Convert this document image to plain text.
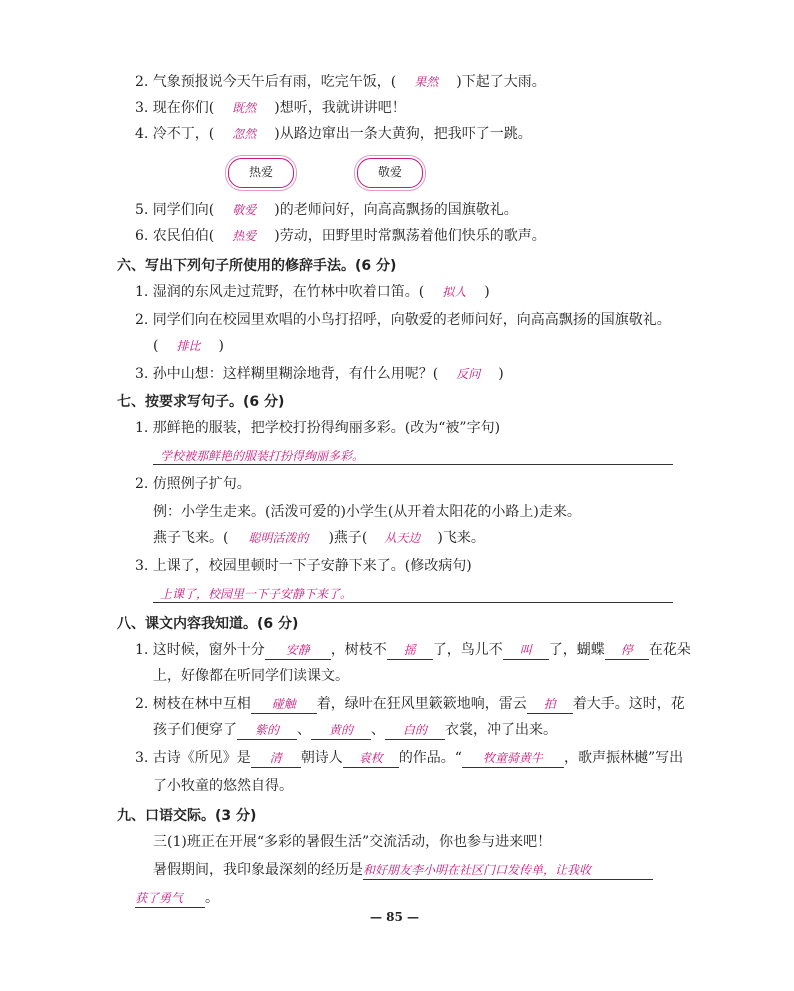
2. 气象预报说今天午后有雨，吃完午饭，( 果然 )下起了大雨。
3. 现在你们( 既然 )想听，我就讲讲吧！
4. 冷不丁，( 忽然 )从路边窜出一条大黄狗，把我吓了一跳。
热爱	敬爱
5. 同学们向( 敬爱 )的老师问好，向高高飘扬的国旗敬礼。
6. 农民伯伯( 热爱 )劳动，田野里时常飘荡着他们快乐的歌声。
六、写出下列句子所使用的修辞手法。(6 分)
1. 湿润的东风走过荒野，在竹林中吹着口笛。( 拟人 )
2. 同学们向在校园里欢唱的小鸟打招呼，向敬爱的老师问好，向高高飘扬的国旗敬礼。
( 排比 )
3. 孙中山想：这样糊里糊涂地背，有什么用呢？( 反问 )
七、按要求写句子。(6 分)
1. 那鲜艳的服装，把学校打扮得绚丽多彩。(改为“被”字句)
学校被那鲜艳的服装打扮得绚丽多彩。
2. 仿照例子扩句。
例：小学生走来。(活泼可爱的)小学生(从开着太阳花的小路上)走来。
燕子飞来。( 聪明活泼的 )燕子( 从天边 )飞来。
3. 上课了，校园里顿时一下子安静下来了。(修改病句)
上课了，校园里一下子安静下来了。
八、课文内容我知道。(6 分)
1. 这时候，窗外十分 安静 ，树枝不 摇 了，鸟儿不 叫 了，蝴蝶 停 在花朵
上，好像都在听同学们读课文。
2. 树枝在林中互相 碰触 着，绿叶在狂风里簌簌地响，雷云 拍 着大手。这时，花
孩子们便穿了 紫的 、 黄的 、 白的 衣裳，冲了出来。
3. 古诗《所见》是 清 朝诗人 袁枚 的作品。“ 牧童骑黄牛 ，歌声振林樾”写出
了小牧童的悠然自得。
九、口语交际。(3 分)
三(1)班正在开展“多彩的暑假生活”交流活动，你也参与进来吧！
暑假期间，我印象最深刻的经历是和好朋友李小明在社区门口发传单，让我收
获了勇气 。
— 85 —
